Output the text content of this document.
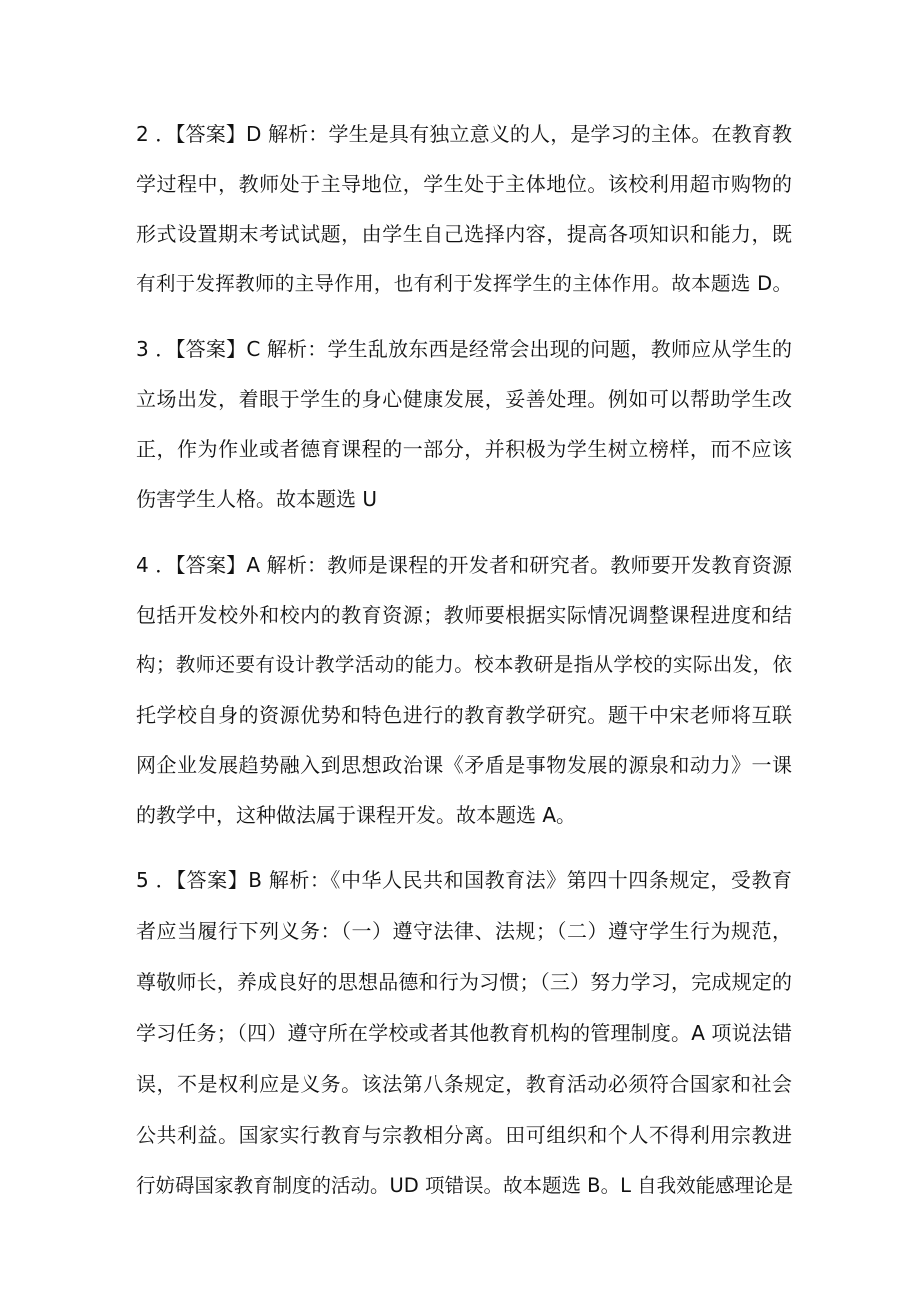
2 ．【答案】D 解析：学生是具有独立意义的人，是学习的主体。在教育教
学过程中，教师处于主导地位，学生处于主体地位。该校利用超市购物的
形式设置期末考试试题，由学生自己选择内容，提高各项知识和能力，既
有利于发挥教师的主导作用，也有利于发挥学生的主体作用。故本题选 D。
3 ．【答案】C 解析：学生乱放东西是经常会出现的问题，教师应从学生的
立场出发，着眼于学生的身心健康发展，妥善处理。例如可以帮助学生改
正，作为作业或者德育课程的一部分，并积极为学生树立榜样，而不应该
伤害学生人格。故本题选 U
4 ．【答案】A 解析：教师是课程的开发者和研究者。教师要开发教育资源
包括开发校外和校内的教育资源；教师要根据实际情况调整课程进度和结
构；教师还要有设计教学活动的能力。校本教研是指从学校的实际出发，依
托学校自身的资源优势和特色进行的教育教学研究。题干中宋老师将互联
网企业发展趋势融入到思想政治课《矛盾是事物发展的源泉和动力》一课
的教学中，这种做法属于课程开发。故本题选 A。
5 ．【答案】B 解析：《中华人民共和国教育法》第四十四条规定，受教育
者应当履行下列义务：（一）遵守法律、法规；（二）遵守学生行为规范，
尊敬师长，养成良好的思想品德和行为习惯；（三）努力学习，完成规定的
学习任务；（四）遵守所在学校或者其他教育机构的管理制度。A 项说法错
误，不是权利应是义务。该法第八条规定，教育活动必须符合国家和社会
公共利益。国家实行教育与宗教相分离。田可组织和个人不得利用宗教进
行妨碍国家教育制度的活动。UD 项错误。故本题选 B。L 自我效能感理论是
